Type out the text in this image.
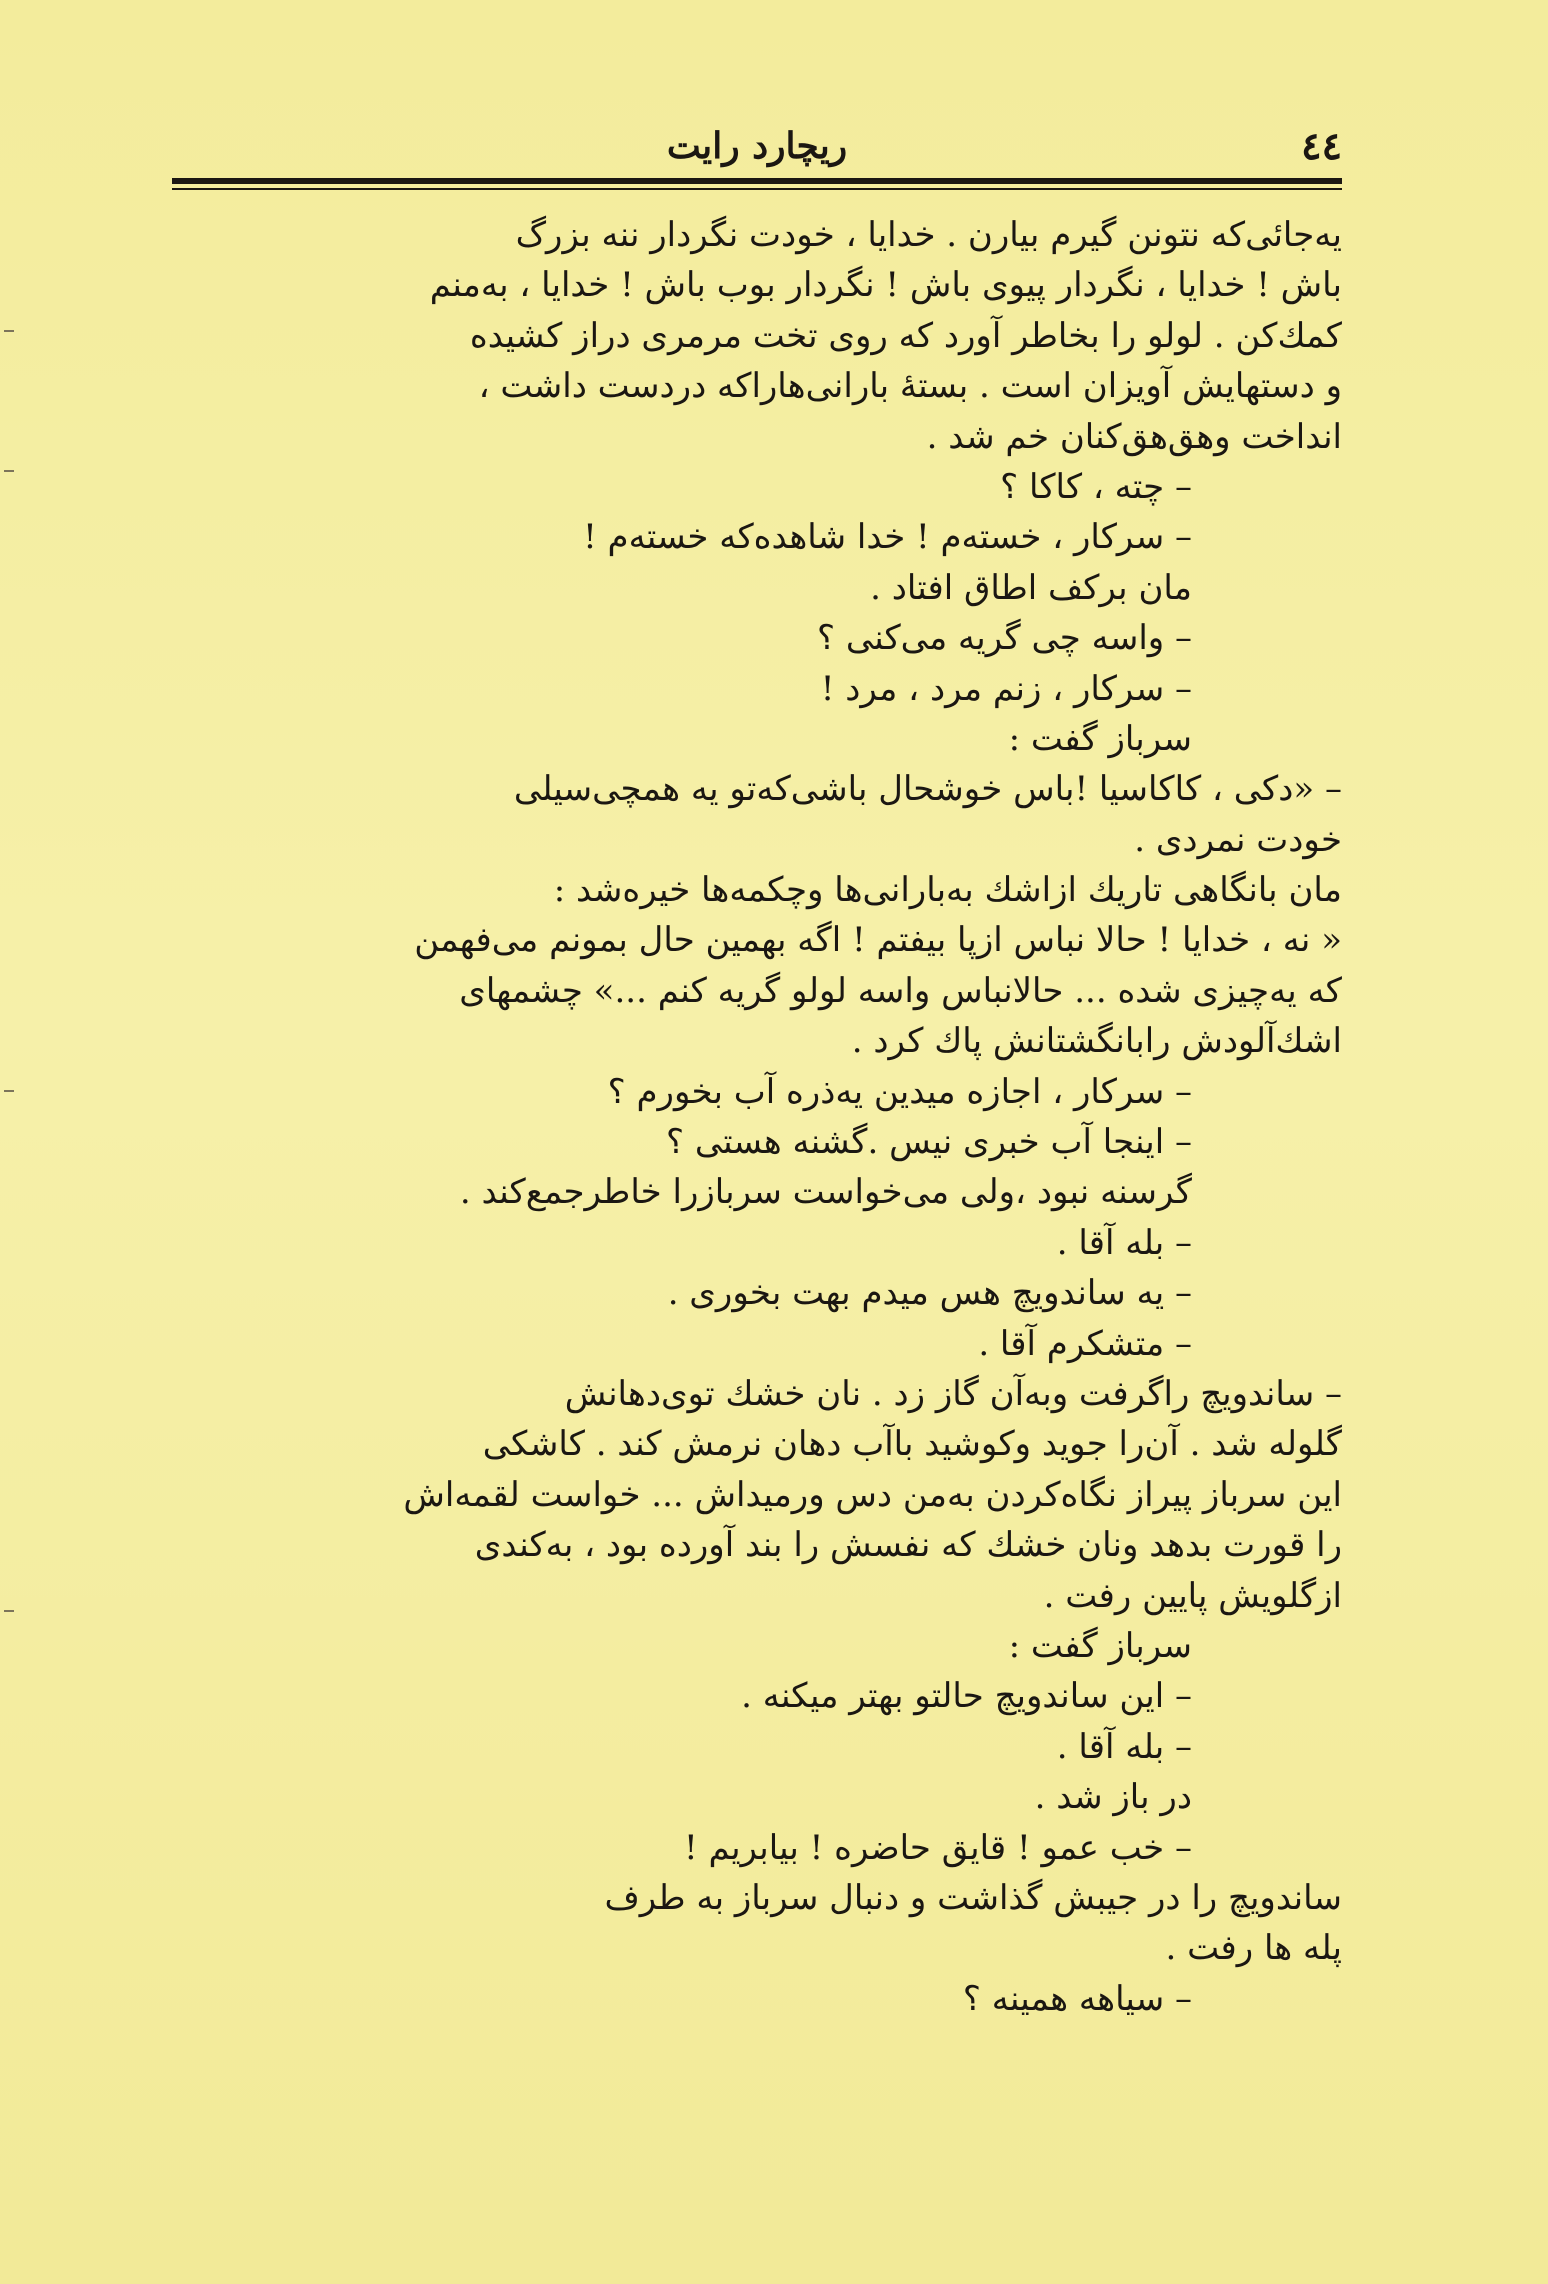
٤٤
ریچارد رایت
یه‌جائی‌که نتونن گیرم بیارن . خدایا ، خودت نگردار ننه بزرگ
باش ! خدایا ، نگردار پیوی باش ! نگردار بوب باش ! خدایا ، به‌منم
کمك‌کن . لولو را بخاطر آورد که روی تخت مرمری دراز کشیده
و دستهایش آویزان است . بستهٔ بارانی‌هاراکه دردست داشت ،
انداخت وهق‌هق‌کنان خم شد .
– چته ، کاکا ؟
– سرکار ، خسته‌م ! خدا شاهده‌که خسته‌م !
مان برکف اطاق افتاد .
– واسه چی گریه می‌کنی ؟
– سرکار ، زنم مرد ، مرد !
سرباز گفت :
– «دکی ، کاکاسیا !باس خوشحال باشی‌که‌تو یه همچی‌سیلی
خودت نمردی .
مان بانگاهی تاریك ازاشك به‌بارانی‌ها وچکمه‌ها خیره‌شد :
« نه ، خدایا ! حالا نباس ازپا بیفتم ! اگه بهمین حال بمونم می‌فهمن
که یه‌چیزی شده ... حالانباس واسه لولو گریه کنم ...» چشمهای
اشك‌آلودش ‌رابانگشتانش پاك کرد .
– سرکار ، اجازه میدین یه‌ذره آب بخورم ؟
– اینجا آب خبری نیس .گشنه هستی ؟
گرسنه نبود ،ولی می‌خواست سربازرا خاطرجمع‌کند .
– بله آقا .
– یه ساندویچ هس میدم بهت بخوری .
– متشکرم آقا .
– ساندویچ راگرفت وبه‌آن گاز زد . نان خشك توی‌دهانش
گلوله شد . آن‌را جوید وکوشید باآب دهان نرمش کند . کاشکی
این سرباز پیراز نگاه‌کردن به‌من دس ورمیداش ... خواست لقمه‌اش
را قورت بدهد ونان خشك که نفسش را بند آورده بود ، به‌کندی
ازگلویش پایین رفت .
سرباز گفت :
– این ساندویچ حالتو بهتر میکنه .
– بله آقا .
در باز شد .
– خب عمو ! قایق حاضره ! بیابریم !
ساندویچ را در جیبش گذاشت و دنبال سرباز به طرف
پله ها رفت .
– سیاهه همینه ؟
